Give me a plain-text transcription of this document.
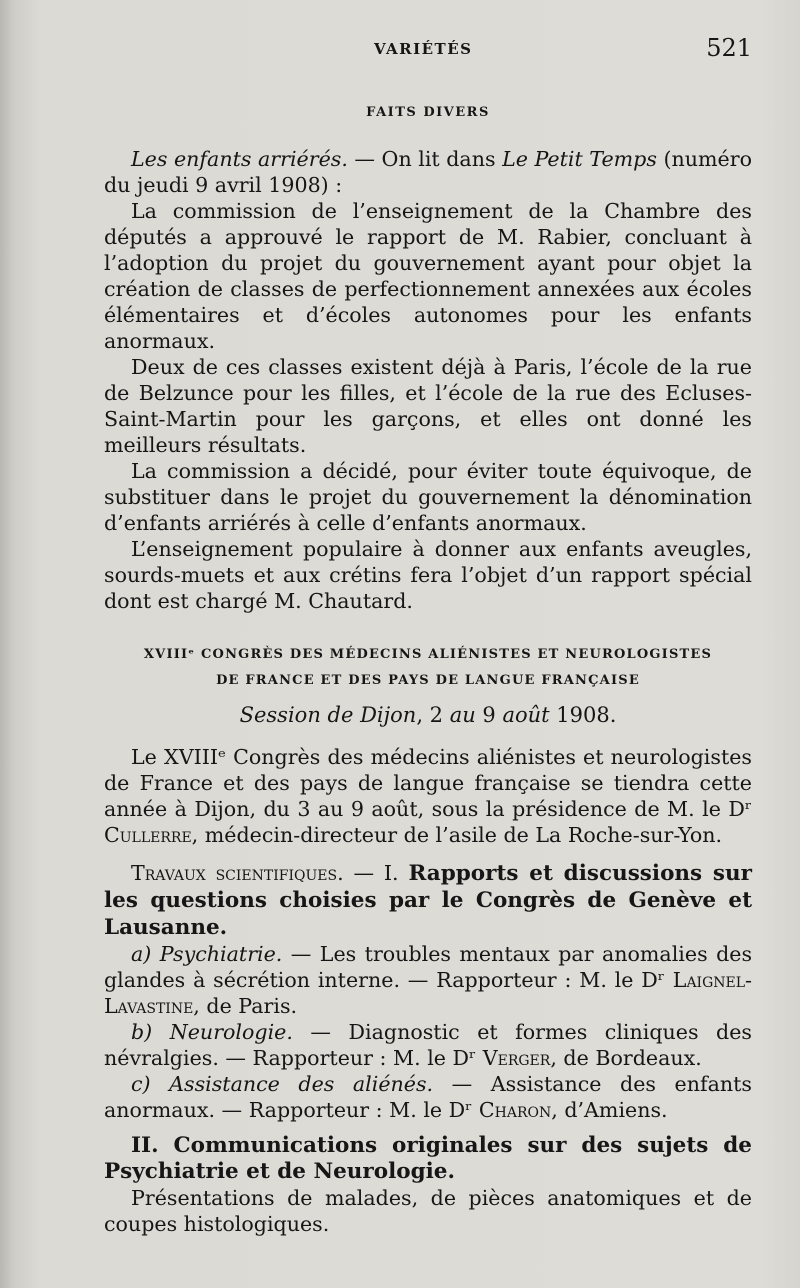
VARIÉTÉS	521
FAITS DIVERS

Les enfants arriérés. — On lit dans Le Petit Temps (numéro du jeudi 9 avril 1908) :

La commission de l’enseignement de la Chambre des députés a approuvé le rapport de M. Rabier, concluant à l’adoption du projet du gouvernement ayant pour objet la création de classes de perfectionnement annexées aux écoles élémentaires et d’écoles autonomes pour les enfants anormaux.

Deux de ces classes existent déjà à Paris, l’école de la rue de Belzunce pour les filles, et l’école de la rue des Ecluses-Saint-Martin pour les garçons, et elles ont donné les meilleurs résultats.

La commission a décidé, pour éviter toute équivoque, de substituer dans le projet du gouvernement la dénomination d’enfants arriérés à celle d’enfants anormaux.

L’enseignement populaire à donner aux enfants aveugles, sourds-muets et aux crétins fera l’objet d’un rapport spécial dont est chargé M. Chautard.

XVIIIᵉ CONGRÈS DES MÉDECINS ALIÉNISTES ET NEUROLOGISTES
DE FRANCE ET DES PAYS DE LANGUE FRANÇAISE
Session de Dijon, 2 au 9 août 1908.

Le XVIIIᵉ Congrès des médecins aliénistes et neurologistes de France et des pays de langue française se tiendra cette année à Dijon, du 3 au 9 août, sous la présidence de M. le Dʳ Cullerre, médecin-directeur de l’asile de La Roche-sur-Yon.

Travaux scientifiques. — I. Rapports et discussions sur les questions choisies par le Congrès de Genève et Lausanne.

a) Psychiatrie. — Les troubles mentaux par anomalies des glandes à sécrétion interne. — Rapporteur : M. le Dʳ Laignel-Lavastine, de Paris.

b) Neurologie. — Diagnostic et formes cliniques des névralgies. — Rapporteur : M. le Dʳ Verger, de Bordeaux.

c) Assistance des aliénés. — Assistance des enfants anormaux. — Rapporteur : M. le Dʳ Charon, d’Amiens.

II. Communications originales sur des sujets de Psychiatrie et de Neurologie.

Présentations de malades, de pièces anatomiques et de coupes histologiques.
